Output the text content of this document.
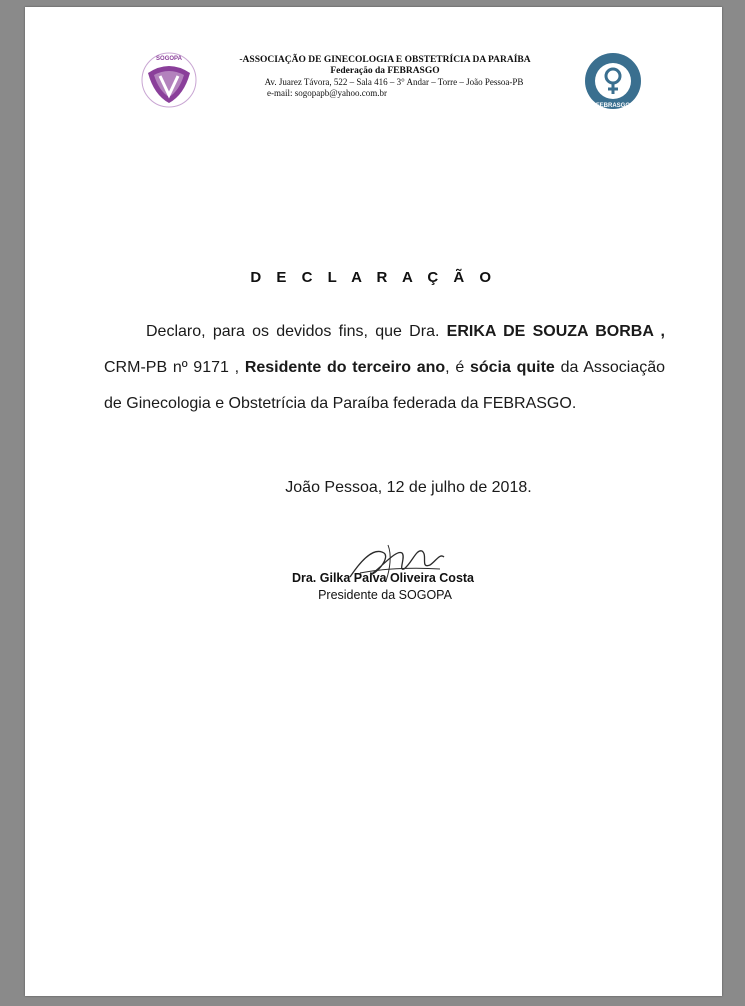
SOGOPA	-ASSOCIAÇÃO DE GINECOLOGIA E OBSTETRÍCIA DA PARAÍBA
Federação da FEBRASGO
Av. Juarez Távora, 522 – Sala 416 – 3° Andar – Torre – João Pessoa-PB
e-mail: sogopapb@yahoo.com.br
FEBRASGO
D E C L A R A Ç Ã O
Declaro, para os devidos fins, que Dra. ERIKA DE SOUZA BORBA , CRM-PB nº 9171 , Residente do terceiro ano, é sócia quite da Associação de Ginecologia e Obstetrícia da Paraíba federada da FEBRASGO.
João Pessoa, 12 de julho de 2018.
Dra. Gilka Paiva Oliveira Costa
Presidente da SOGOPA
